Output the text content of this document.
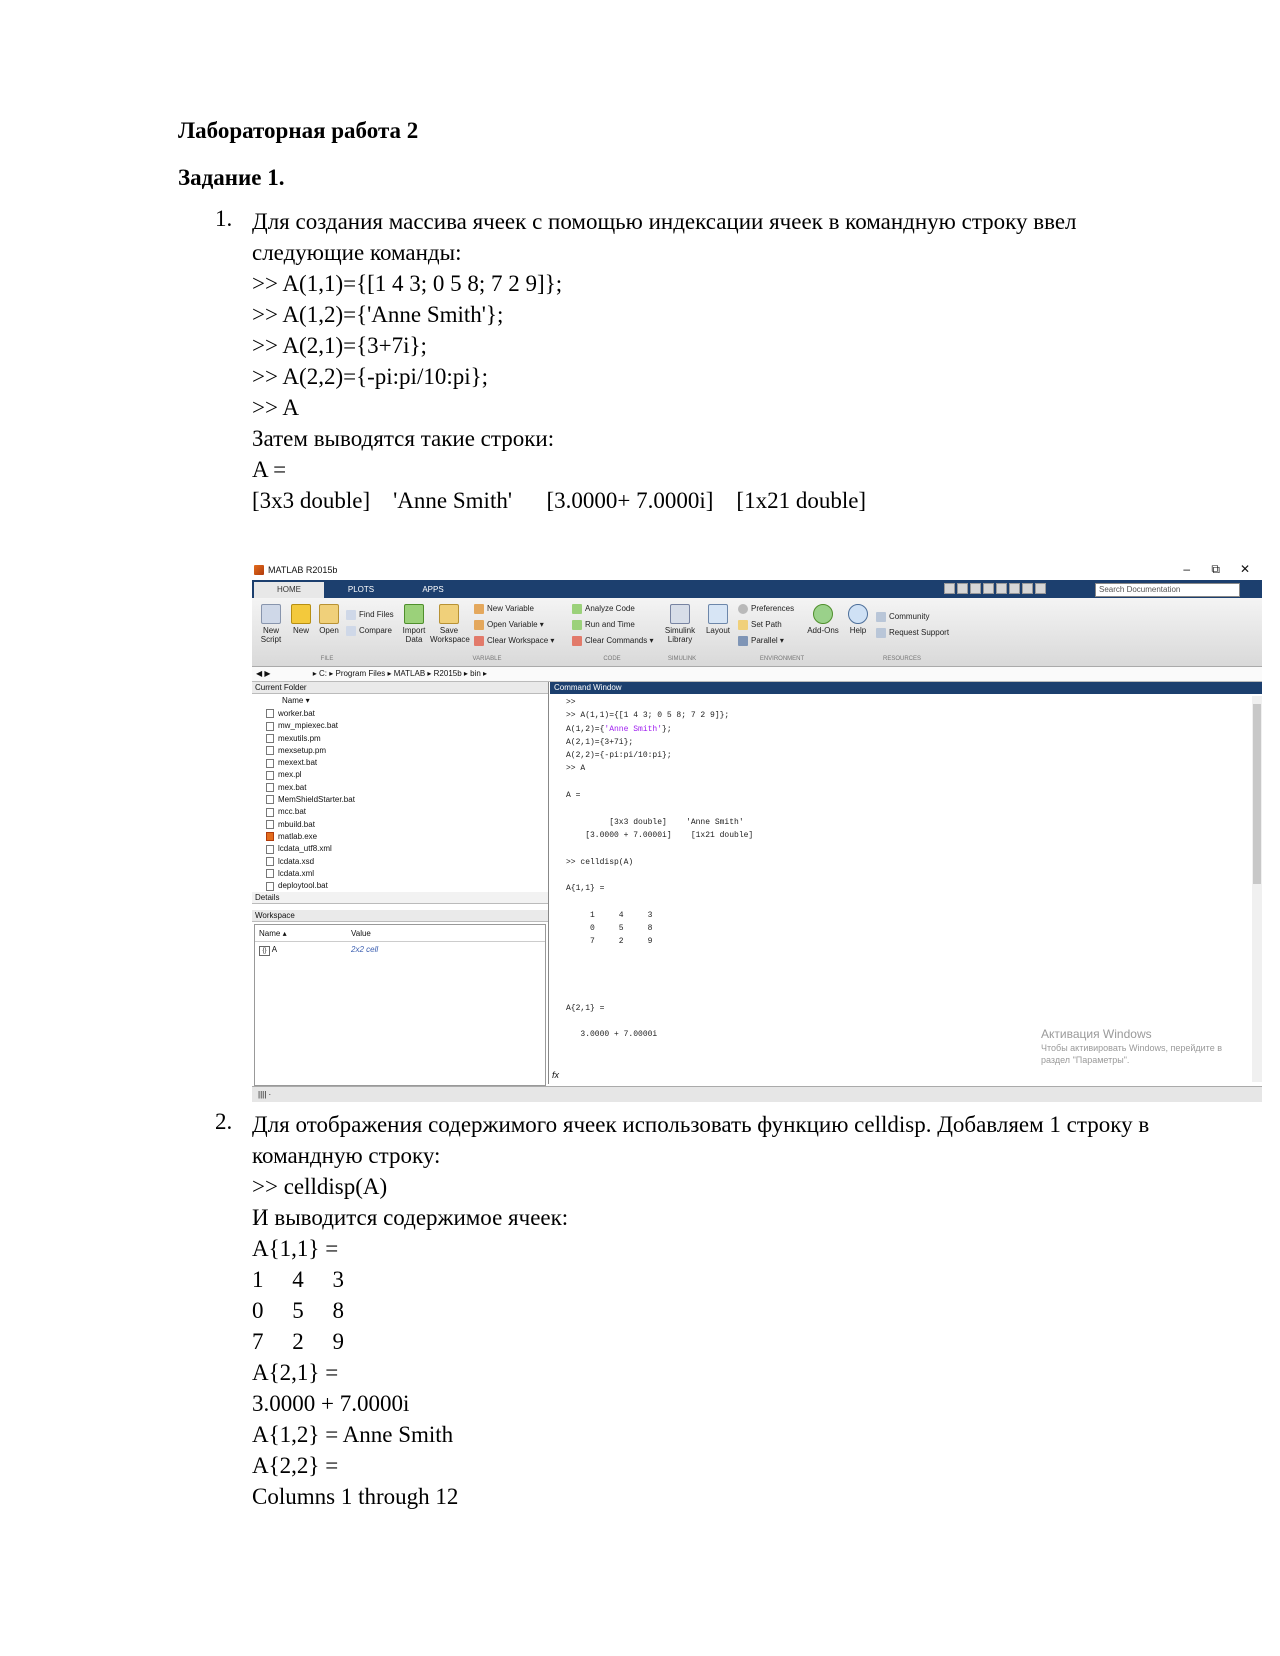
Лабораторная работа 2
Задание 1.
1. Для создания массива ячеек с помощью индексации ячеек в командную строку ввел следующие команды:
>> A(1,1)={[1 4 3; 0 5 8; 7 2 9]};
>> A(1,2)={'Anne Smith'};
>> A(2,1)={3+7i};
>> A(2,2)={-pi:pi/10:pi};
>> A
Затем выводятся такие строки:
A =
[3x3 double]    'Anne Smith'      [3.0000+ 7.0000i]    [1x21 double]
MATLAB R2015b	– ⧉ ✕
HOME	PLOTS	APPS	Search Documentation
New Script
New	Open
Find Files
Compare	Import Data
Save Workspace
New Variable
Open Variable ▾
Clear Workspace ▾
Analyze Code
Run and Time
Clear Commands ▾
Simulink Library
Layout
Preferences
Set Path
Parallel ▾
Add-Ons	Help
Community
Request Support
FILE	VARIABLE	CODE	SIMULINK	ENVIRONMENT	RESOURCES
◀ ▶	▸ C: ▸ Program Files ▸ MATLAB ▸ R2015b ▸ bin ▸
Current Folder
Name ▾
worker.bat
mw_mpiexec.bat
mexutils.pm
mexsetup.pm
mexext.bat
mex.pl
mex.bat
MemShieldStarter.bat
mcc.bat
mbuild.bat
matlab.exe
lcdata_utf8.xml
lcdata.xsd
lcdata.xml
deploytool.bat
Details
Workspace
Name ▴	Value
{} A	2x2 cell
Command Window
>>
>> A(1,1)={[1 4 3; 0 5 8; 7 2 9]};
A(1,2)={'Anne Smith'};
A(2,1)={3+7i};
A(2,2)={-pi:pi/10:pi};
>> A
A =
[3x3 double]    'Anne Smith'
[3.0000 + 7.0000i]    [1x21 double]
>> celldisp(A)
A{1,1} =
1     4     3
0     5     8
7     2     9
A{2,1} =
3.0000 + 7.0000i	Активация Windows
Чтобы активировать Windows, перейдите в
раздел "Параметры".
fx
|||| ·
2. Для отображения содержимого ячеек использовать функцию celldisp. Добавляем 1 строку в командную строку:
>> celldisp(A)
И выводится содержимое ячеек:
A{1,1} =
1     4     3
0     5     8
7     2     9
A{2,1} =
3.0000 + 7.0000i
A{1,2} = Anne Smith
A{2,2} =
Columns 1 through 12
